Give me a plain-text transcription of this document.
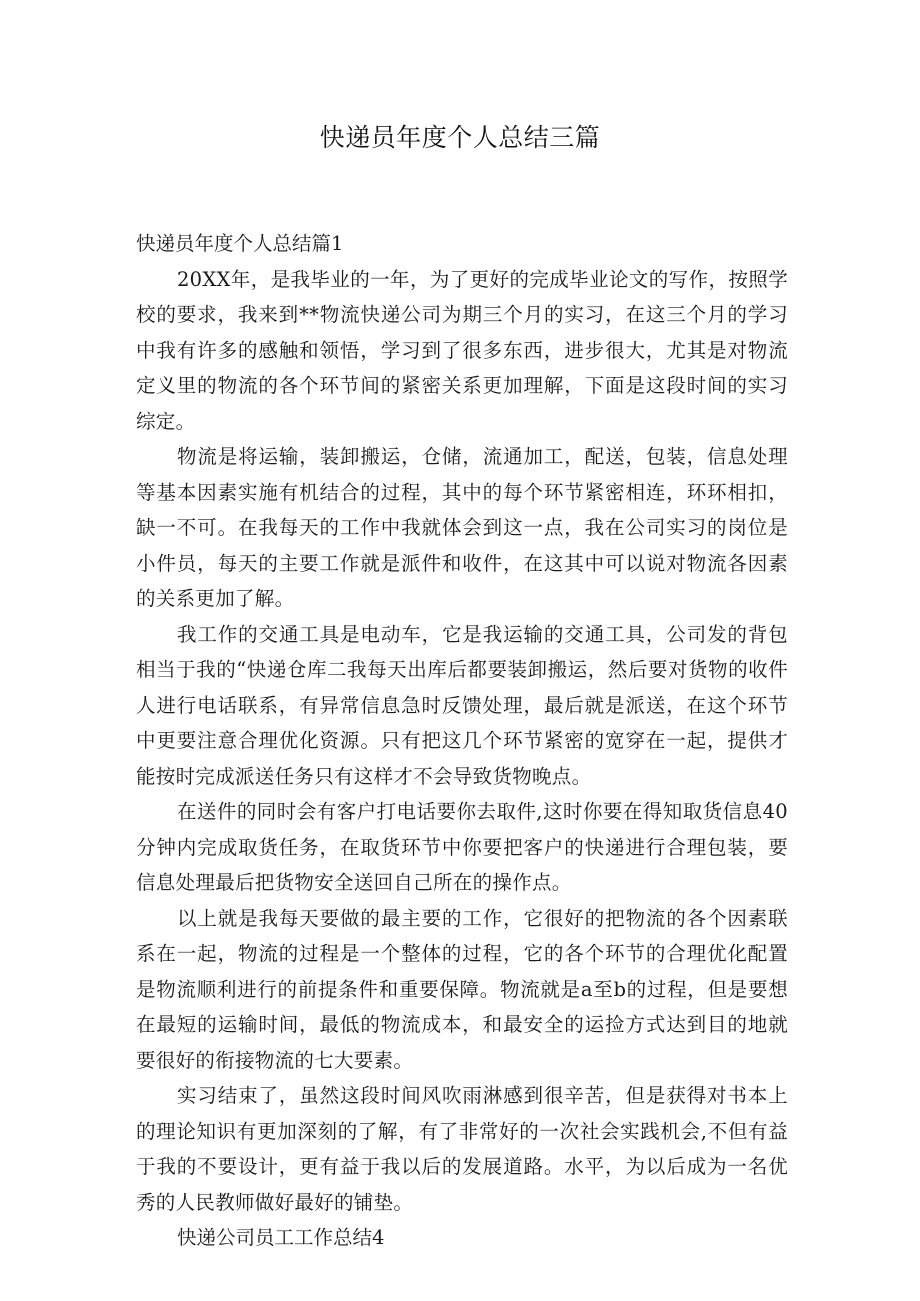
快递员年度个人总结三篇
快递员年度个人总结篇1

20XX年，是我毕业的一年，为了更好的完成毕业论文的写作，按照学校的要求，我来到**物流快递公司为期三个月的实习，在这三个月的学习中我有许多的感触和领悟，学习到了很多东西，进步很大，尤其是对物流定义里的物流的各个环节间的紧密关系更加理解，下面是这段时间的实习综定。

物流是将运输，装卸搬运，仓储，流通加工，配送，包装，信息处理等基本因素实施有机结合的过程，其中的每个环节紧密相连，环环相扣，缺一不可。在我每天的工作中我就体会到这一点，我在公司实习的岗位是小件员，每天的主要工作就是派件和收件，在这其中可以说对物流各因素的关系更加了解。

我工作的交通工具是电动车，它是我运输的交通工具，公司发的背包相当于我的“快递仓库二我每天出库后都要装卸搬运，然后要对货物的收件人进行电话联系，有异常信息急时反馈处理，最后就是派送，在这个环节中更要注意合理优化资源。只有把这几个环节紧密的宽穿在一起，提供才能按时完成派送任务只有这样才不会导致货物晚点。

在送件的同时会有客户打电话要你去取件,这时你要在得知取货信息40分钟内完成取货任务，在取货环节中你要把客户的快递进行合理包装，要信息处理最后把货物安全送回自己所在的操作点。

以上就是我每天要做的最主要的工作，它很好的把物流的各个因素联系在一起，物流的过程是一个整体的过程，它的各个环节的合理优化配置是物流顺利进行的前提条件和重要保障。物流就是a至b的过程，但是要想在最短的运输时间，最低的物流成本，和最安全的运捡方式达到目的地就要很好的衔接物流的七大要素。

实习结束了，虽然这段时间风吹雨淋感到很辛苦，但是获得对书本上的理论知识有更加深刻的了解，有了非常好的一次社会实践机会,不但有益于我的不要设计，更有益于我以后的发展道路。水平，为以后成为一名优秀的人民教师做好最好的铺垫。

快递公司员工工作总结4
